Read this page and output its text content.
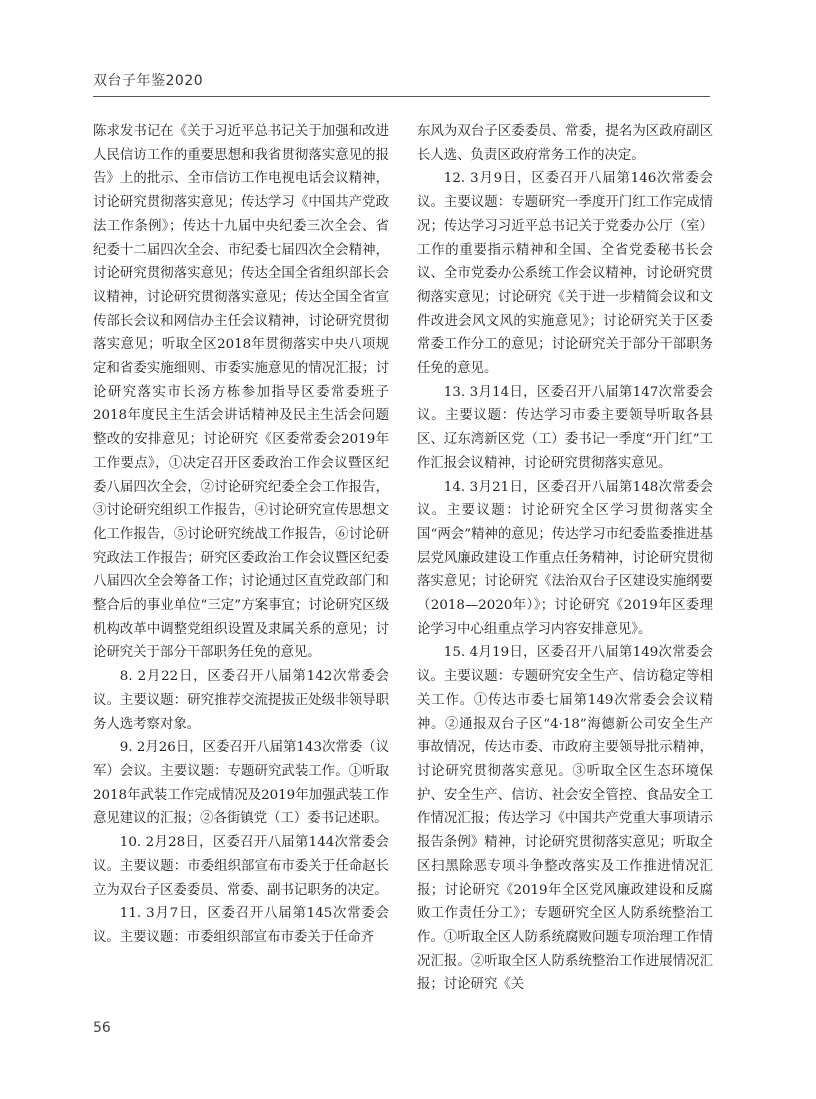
双台子年鉴2020

陈求发书记在《关于习近平总书记关于加强和改进人民信访工作的重要思想和我省贯彻落实意见的报告》上的批示、全市信访工作电视电话会议精神，讨论研究贯彻落实意见；传达学习《中国共产党政法工作条例》；传达十九届中央纪委三次全会、省纪委十二届四次全会、市纪委七届四次全会精神，讨论研究贯彻落实意见；传达全国全省组织部长会议精神，讨论研究贯彻落实意见；传达全国全省宣传部长会议和网信办主任会议精神，讨论研究贯彻落实意见；听取全区2018年贯彻落实中央八项规定和省委实施细则、市委实施意见的情况汇报；讨论研究落实市长汤方栋参加指导区委常委班子2018年度民主生活会讲话精神及民主生活会问题整改的安排意见；讨论研究《区委常委会2019年工作要点》，①决定召开区委政治工作会议暨区纪委八届四次全会，②讨论研究纪委全会工作报告，③讨论研究组织工作报告，④讨论研究宣传思想文化工作报告，⑤讨论研究统战工作报告，⑥讨论研究政法工作报告；研究区委政治工作会议暨区纪委八届四次全会筹备工作；讨论通过区直党政部门和整合后的事业单位“三定”方案事宜；讨论研究区级机构改革中调整党组织设置及隶属关系的意见；讨论研究关于部分干部职务任免的意见。

8. 2月22日，区委召开八届第142次常委会议。主要议题：研究推荐交流提拔正处级非领导职务人选考察对象。

9. 2月26日，区委召开八届第143次常委（议军）会议。主要议题：专题研究武装工作。①听取2018年武装工作完成情况及2019年加强武装工作意见建议的汇报；②各街镇党（工）委书记述职。

10. 2月28日，区委召开八届第144次常委会议。主要议题：市委组织部宣布市委关于任命赵长立为双台子区委委员、常委、副书记职务的决定。

11. 3月7日，区委召开八届第145次常委会议。主要议题：市委组织部宣布市委关于任命齐

东风为双台子区委委员、常委，提名为区政府副区长人选、负责区政府常务工作的决定。

12. 3月9日，区委召开八届第146次常委会议。主要议题：专题研究一季度开门红工作完成情况；传达学习习近平总书记关于党委办公厅（室）工作的重要指示精神和全国、全省党委秘书长会议、全市党委办公系统工作会议精神，讨论研究贯彻落实意见；讨论研究《关于进一步精简会议和文件改进会风文风的实施意见》；讨论研究关于区委常委工作分工的意见；讨论研究关于部分干部职务任免的意见。

13. 3月14日，区委召开八届第147次常委会议。主要议题：传达学习市委主要领导听取各县区、辽东湾新区党（工）委书记一季度“开门红”工作汇报会议精神，讨论研究贯彻落实意见。

14. 3月21日，区委召开八届第148次常委会议。主要议题：讨论研究全区学习贯彻落实全国“两会”精神的意见；传达学习市纪委监委推进基层党风廉政建设工作重点任务精神，讨论研究贯彻落实意见；讨论研究《法治双台子区建设实施纲要（2018—2020年）》；讨论研究《2019年区委理论学习中心组重点学习内容安排意见》。

15. 4月19日，区委召开八届第149次常委会议。主要议题：专题研究安全生产、信访稳定等相关工作。①传达市委七届第149次常委会会议精神。②通报双台子区“4·18”海德新公司安全生产事故情况，传达市委、市政府主要领导批示精神，讨论研究贯彻落实意见。③听取全区生态环境保护、安全生产、信访、社会安全管控、食品安全工作情况汇报；传达学习《中国共产党重大事项请示报告条例》精神，讨论研究贯彻落实意见；听取全区扫黑除恶专项斗争整改落实及工作推进情况汇报；讨论研究《2019年全区党风廉政建设和反腐败工作责任分工》；专题研究全区人防系统整治工作。①听取全区人防系统腐败问题专项治理工作情况汇报。②听取全区人防系统整治工作进展情况汇报；讨论研究《关

56
